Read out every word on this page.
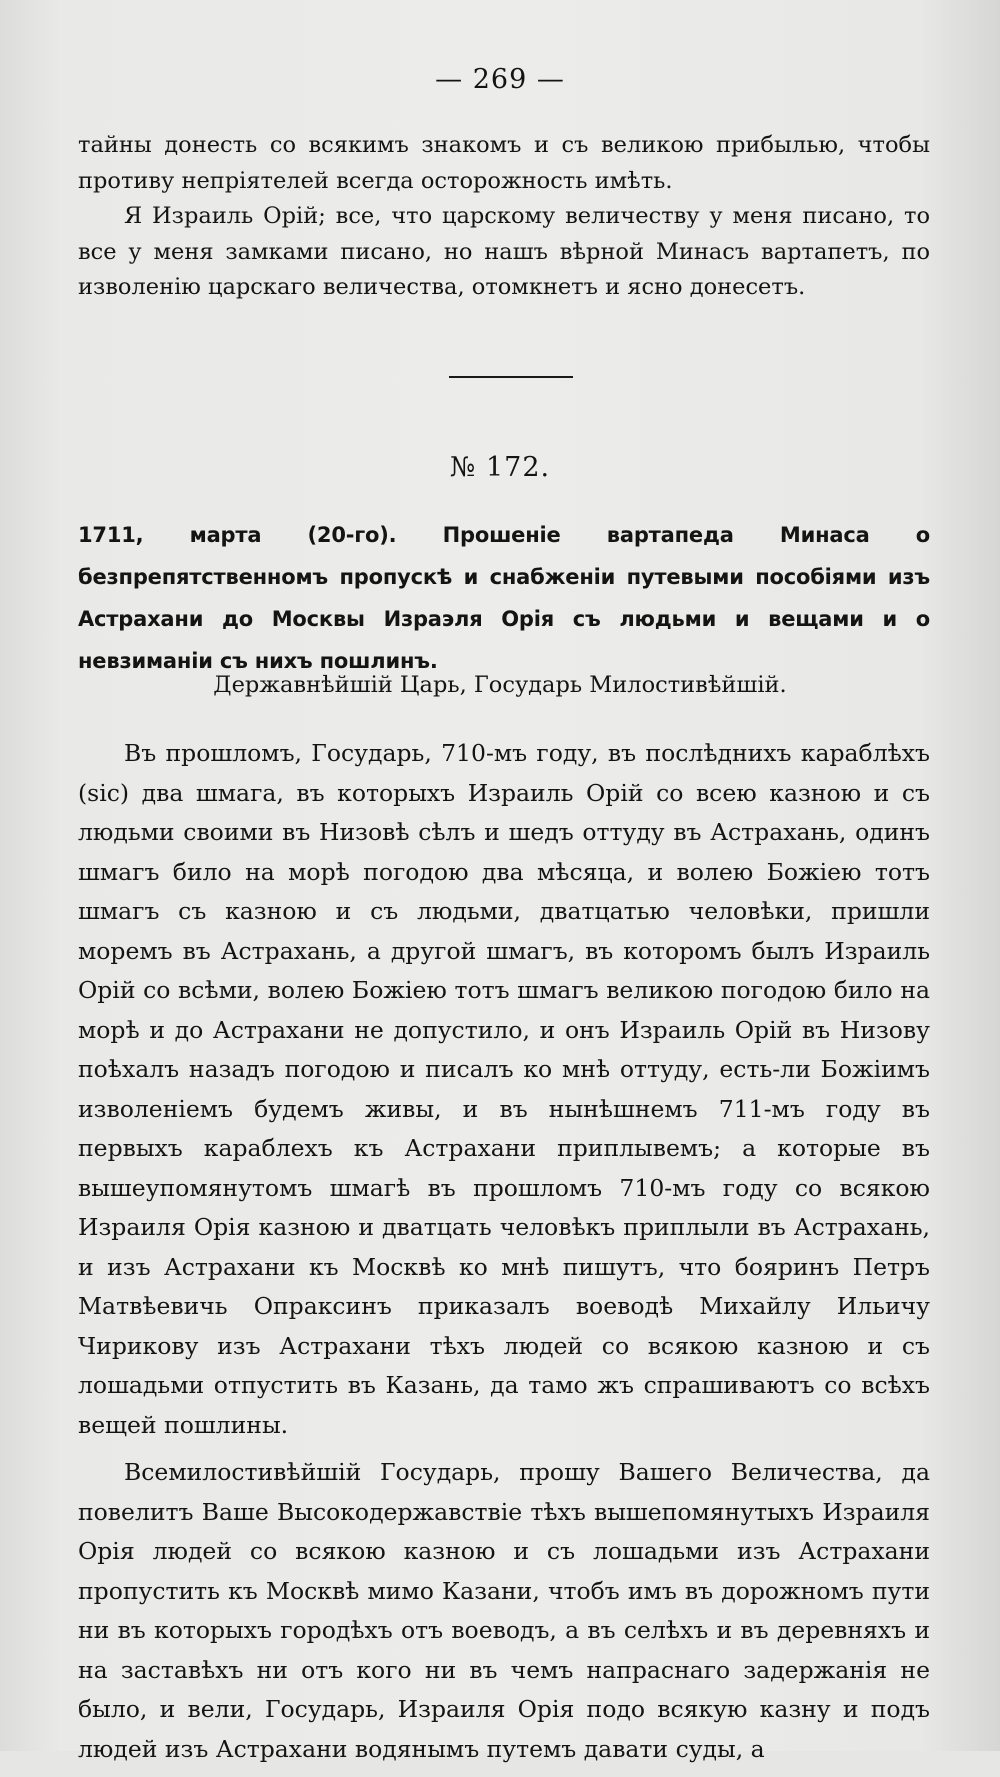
— 269 —

тайны донесть со всякимъ знакомъ и съ великою прибылью, чтобы противу непріятелей всегда осторожность имѣть.

Я Израиль Орій; все, что царскому величеству у меня писано, то все у меня замками писано, но нашъ вѣрной Минасъ вартапетъ, по изволенію царскаго величества, отомкнетъ и ясно донесетъ.

№ 172.

1711, марта (20-го). Прошеніе вартапеда Минаса о безпрепятственномъ пропускѣ и снабженіи путевыми пособіями изъ Астрахани до Москвы Израэля Орія съ людьми и вещами и о невзиманіи съ нихъ пошлинъ.

Державнѣйшій Царь, Государь Милостивѣйшій.

Въ прошломъ, Государь, 710-мъ году, въ послѣднихъ караблѣхъ (sic) два шмага, въ которыхъ Израиль Орій со всею казною и съ людьми своими въ Низовѣ сѣлъ и шедъ оттуду въ Астрахань, одинъ шмагъ било на морѣ погодою два мѣсяца, и волею Божіею тотъ шмагъ съ казною и съ людьми, дватцатью человѣки, пришли моремъ въ Астрахань, а другой шмагъ, въ которомъ былъ Израиль Орій со всѣми, волею Божіею тотъ шмагъ великою погодою било на морѣ и до Астрахани не допустило, и онъ Израиль Орій въ Низову поѣхалъ назадъ погодою и писалъ ко мнѣ оттуду, есть-ли Божіимъ изволеніемъ будемъ живы, и въ нынѣшнемъ 711-мъ году въ первыхъ караблехъ къ Астрахани приплывемъ; а которые въ вышеупомянутомъ шмагѣ въ прошломъ 710-мъ году со всякою Израиля Орія казною и дватцать человѣкъ приплыли въ Астрахань, и изъ Астрахани къ Москвѣ ко мнѣ пишутъ, что бояринъ Петръ Матвѣевичь Опраксинъ приказалъ воеводѣ Михайлу Ильичу Чирикову изъ Астрахани тѣхъ людей со всякою казною и съ лошадьми отпустить въ Казань, да тамо жъ спрашиваютъ со всѣхъ вещей пошлины.

Всемилостивѣйшій Государь, прошу Вашего Величества, да повелитъ Ваше Высокодержавствіе тѣхъ вышепомянутыхъ Израиля Орія людей со всякою казною и съ лошадьми изъ Астрахани пропустить къ Москвѣ мимо Казани, чтобъ имъ въ дорожномъ пути ни въ которыхъ городѣхъ отъ воеводъ, а въ селѣхъ и въ деревняхъ и на заставѣхъ ни отъ кого ни въ чемъ напраснаго задержанія не было, и вели, Государь, Израиля Орія подо всякую казну и подъ людей изъ Астрахани водянымъ путемъ давати суды, а
